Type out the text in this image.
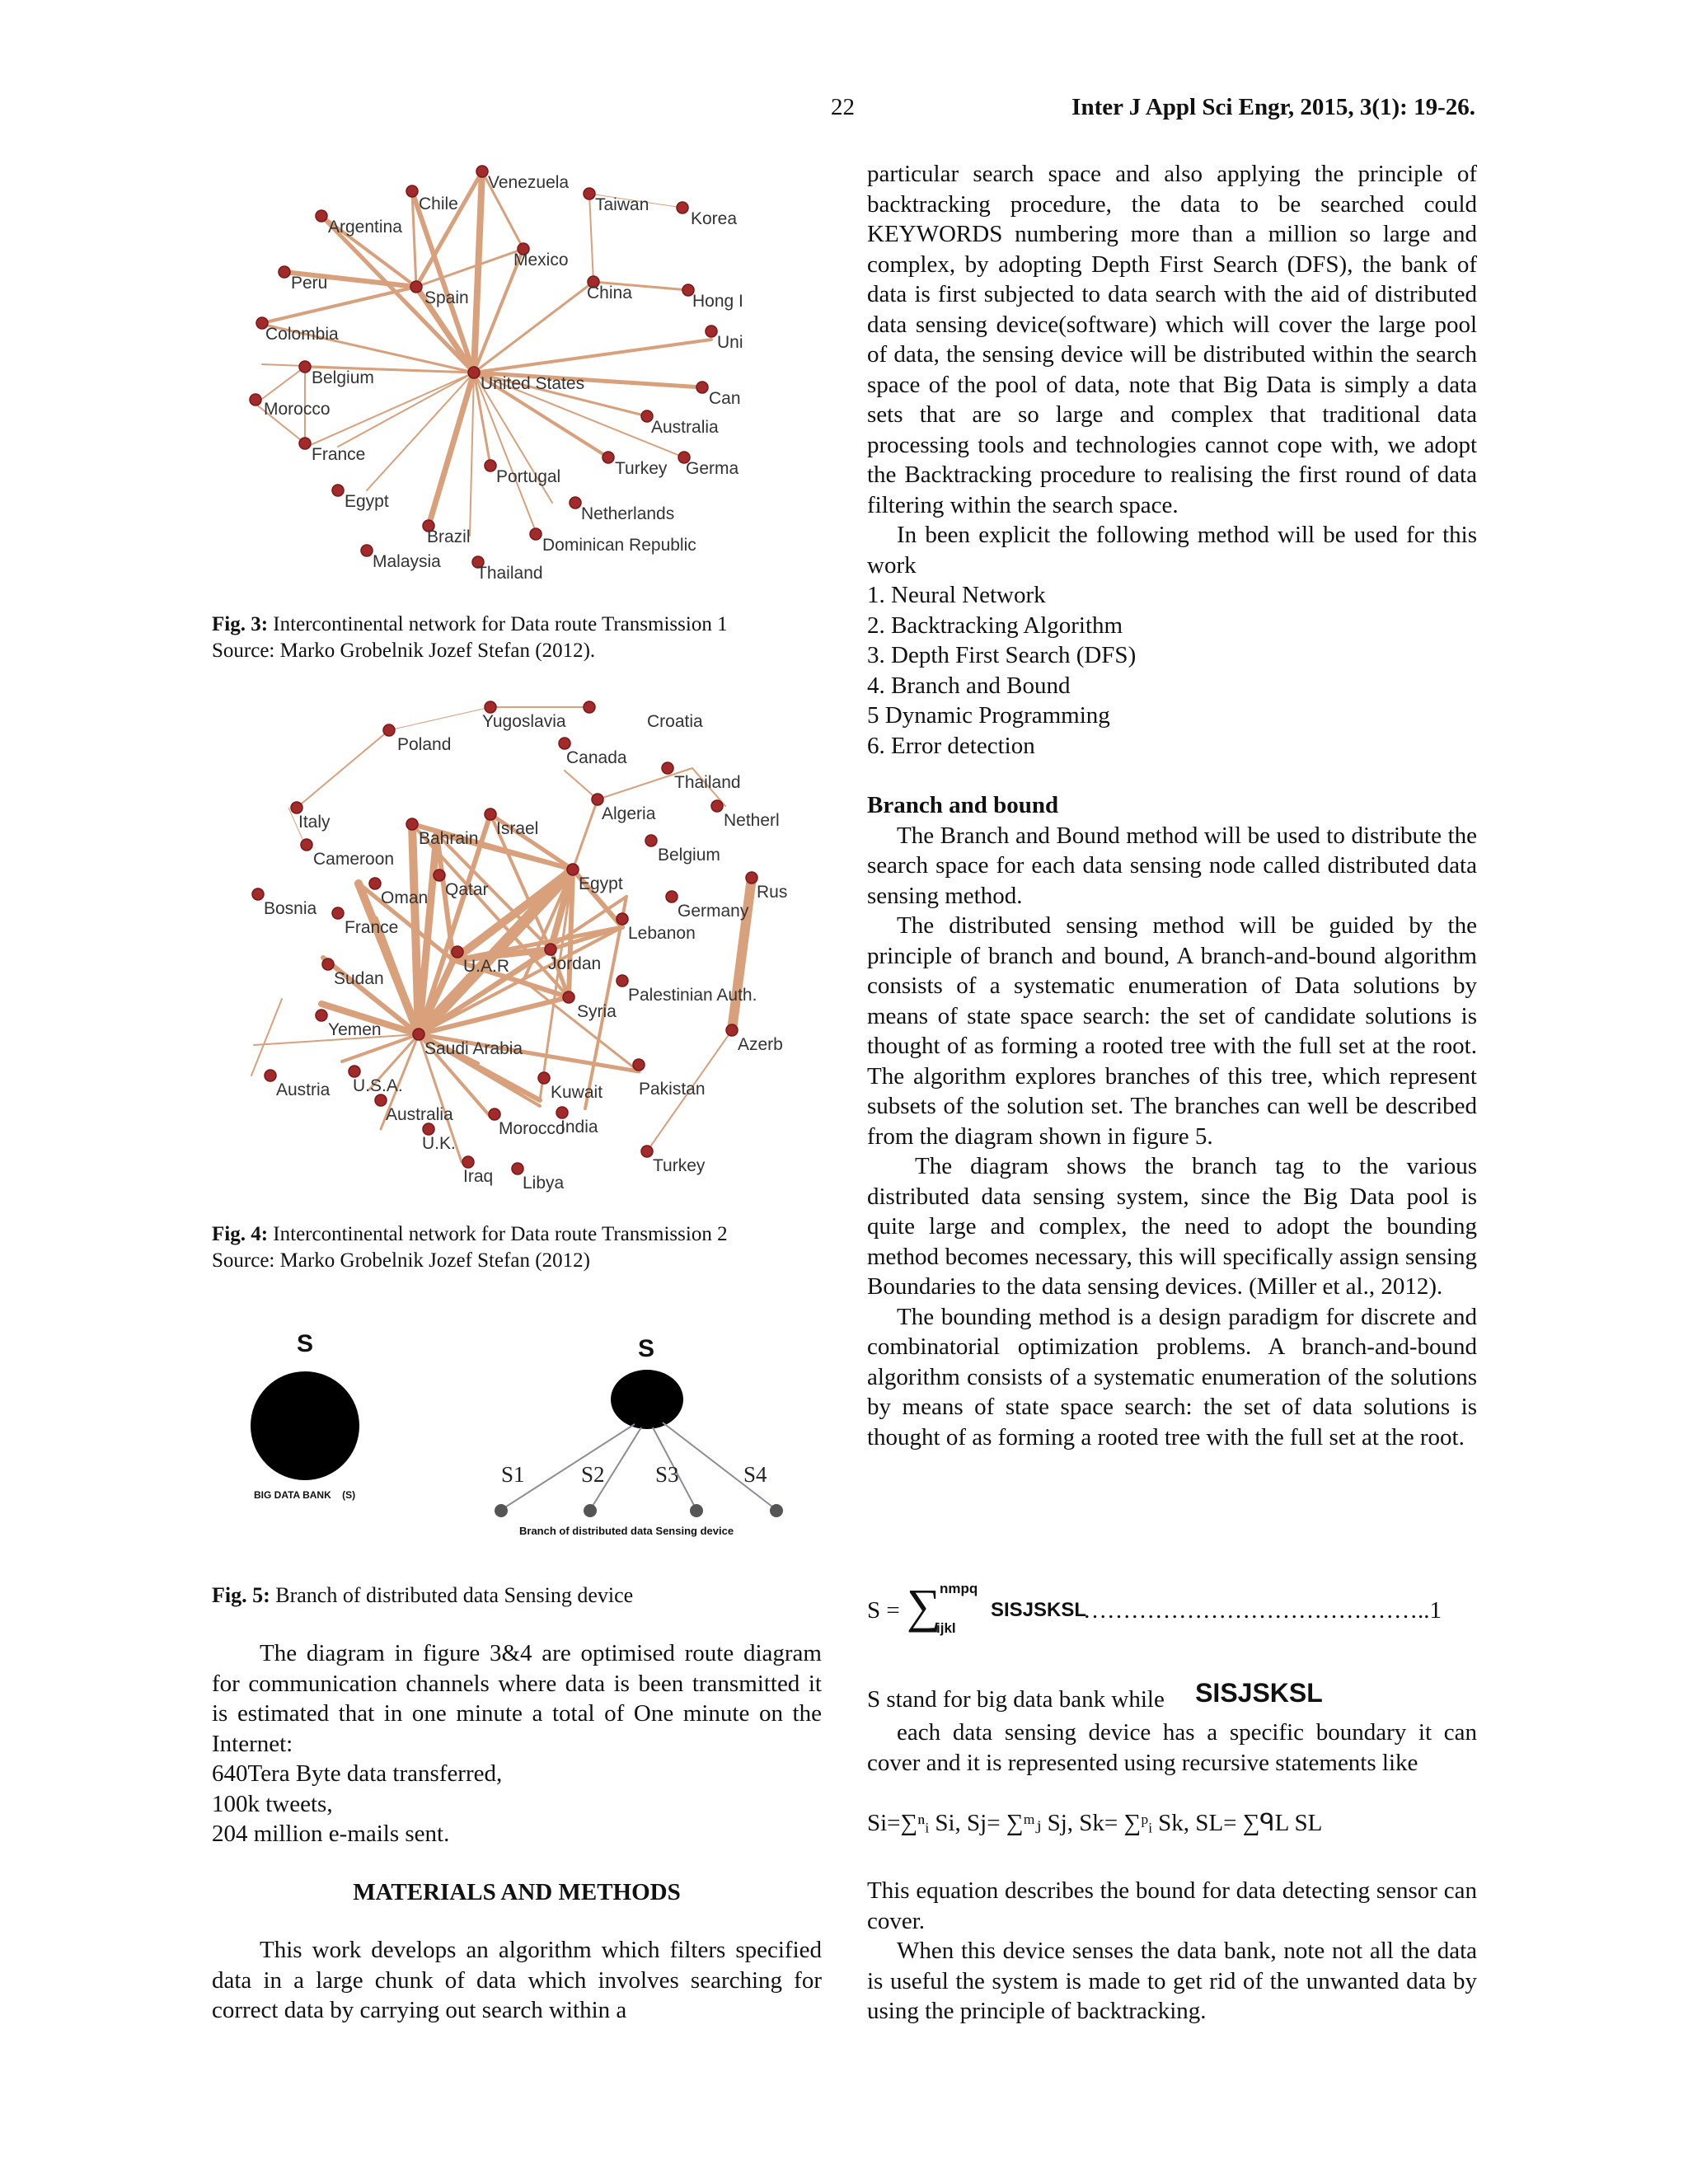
22	Inter J Appl Sci Engr, 2015, 3(1): 19-26.
Venezuela
Chile	Taiwan
Korea
Argentina
Mexico
Peru
Spain	China	Hong I
Colombia	Uni
Belgium	United States
Can
Morocco
Australia
France
Portugal	Turkey Germa
Egypt
Netherlands
Brazil	Dominican Republic
Malaysia
Thailand
Fig. 3: Intercontinental network for Data route Transmission 1
Source: Marko Grobelnik Jozef Stefan (2012).
Yugoslavia	Croatia
Poland
Canada
Thailand
Italy	Algeria	Netherl
Bahrain
Israel
Belgium
Cameroon
Rus
Egypt
Bosnia
Oman Qatar
Germany
France	Lebanon
Jordan
U.A.R
Sudan
Palestinian Auth.
Syria
Yemen
Saudi Arabia	Azerb
U.S.A.	Kuwait Pakistan
Austria
Australia
India
Morocco
U.K.
Turkey
Iraq Libya
Fig. 4: Intercontinental network for Data route Transmission 2
Source: Marko Grobelnik Jozef Stefan (2012)
S
BIG DATA BANK    (S)
S
S1	S2 S3	S4
Branch of distributed data Sensing device
Fig. 5: Branch of distributed data Sensing device

The diagram in figure 3&4 are optimised route diagram for communication channels where data is been transmitted it is estimated that in one minute a total of One minute on the Internet:

640Tera Byte data transferred,
100k tweets,
204 million e-mails sent.

MATERIALS AND METHODS

This work develops an algorithm which filters specified data in a large chunk of data which involves searching for correct data by carrying out search within a

particular search space and also applying the principle of backtracking procedure, the data to be searched could KEYWORDS numbering more than a million so large and complex, by adopting Depth First Search (DFS), the bank of data is first subjected to data search with the aid of distributed data sensing device(software) which will cover the large pool of data, the sensing device will be distributed within the search space of the pool of data, note that Big Data is simply a data sets that are so large and complex that traditional data processing tools and technologies cannot cope with, we adopt the Backtracking procedure to realising the first round of data filtering within the search space.

In been explicit the following method will be used for this work

1. Neural Network
2. Backtracking Algorithm
3. Depth First Search (DFS)
4. Branch and Bound
5 Dynamic Programming
6. Error detection

Branch and bound

The Branch and Bound method will be used to distribute the search space for each data sensing node called distributed data sensing method.

The distributed sensing method will be guided by the principle of branch and bound, A branch-and-bound algorithm consists of a systematic enumeration of Data solutions by means of state space search: the set of candidate solutions is thought of as forming a rooted tree with the full set at the root. The algorithm explores branches of this tree, which represent subsets of the solution set. The branches can well be described from the diagram shown in figure 5.

The diagram shows the branch tag to the various distributed data sensing system, since the Big Data pool is quite large and complex, the need to adopt the bounding method becomes necessary, this will specifically assign sensing Boundaries to the data sensing devices. (Miller et al., 2012).

The bounding method is a design paradigm for discrete and combinatorial optimization problems. A branch-and-bound algorithm consists of a systematic enumeration of the solutions by means of state space search: the set of data solutions is thought of as forming a rooted tree with the full set at the root.

S = ∑
nmpq
ijkl
SISJSKSL
……………………………………..1
S stand for big data bank while SISJSKSL

each data sensing device has a specific boundary it can cover and it is represented using recursive statements like

Si=∑ⁿᵢ Si, Sj= ∑ᵐⱼ Sj, Sk= ∑ᵖᵢ Sk, SL= ∑ᑫL SL

This equation describes the bound for data detecting sensor can cover.

When this device senses the data bank, note not all the data is useful the system is made to get rid of the unwanted data by using the principle of backtracking.
